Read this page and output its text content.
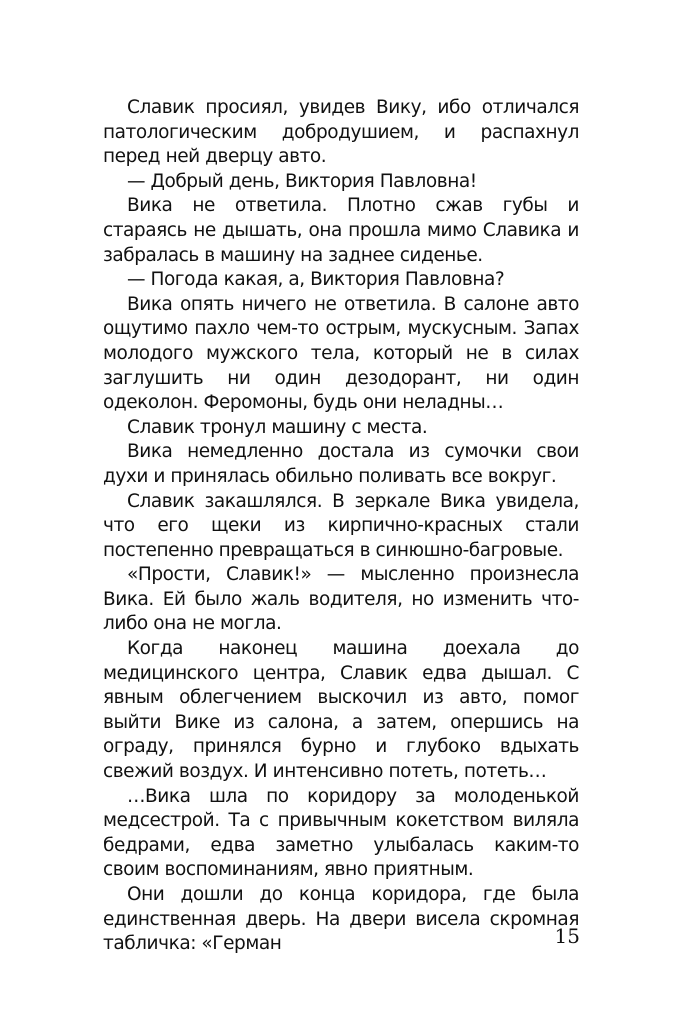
Славик просиял, увидев Вику, ибо отличался патологическим добродушием, и распахнул перед ней дверцу авто.

— Добрый день, Виктория Павловна!

Вика не ответила. Плотно сжав губы и стараясь не дышать, она прошла мимо Славика и забралась в машину на заднее сиденье.

— Погода какая, а, Виктория Павловна?

Вика опять ничего не ответила. В салоне авто ощутимо пахло чем-то острым, мускусным. Запах молодого мужского тела, который не в силах заглушить ни один дезодорант, ни один одеколон. Феромоны, будь они неладны…

Славик тронул машину с места.

Вика немедленно достала из сумочки свои духи и принялась обильно поливать все вокруг.

Славик закашлялся. В зеркале Вика увидела, что его щеки из кирпично-красных стали постепенно превращаться в синюшно-багровые.

«Прости, Славик!» — мысленно произнесла Вика. Ей было жаль водителя, но изменить что-либо она не могла.

Когда наконец машина доехала до медицинского центра, Славик едва дышал. С явным облегчением выскочил из авто, помог выйти Вике из салона, а затем, опершись на ограду, принялся бурно и глубоко вдыхать свежий воздух. И интенсивно потеть, потеть…

…Вика шла по коридору за молоденькой медсестрой. Та с привычным кокетством виляла бедрами, едва заметно улыбалась каким-то своим воспоминаниям, явно приятным.

Они дошли до конца коридора, где была единственная дверь. На двери висела скромная табличка: «Герман	15
